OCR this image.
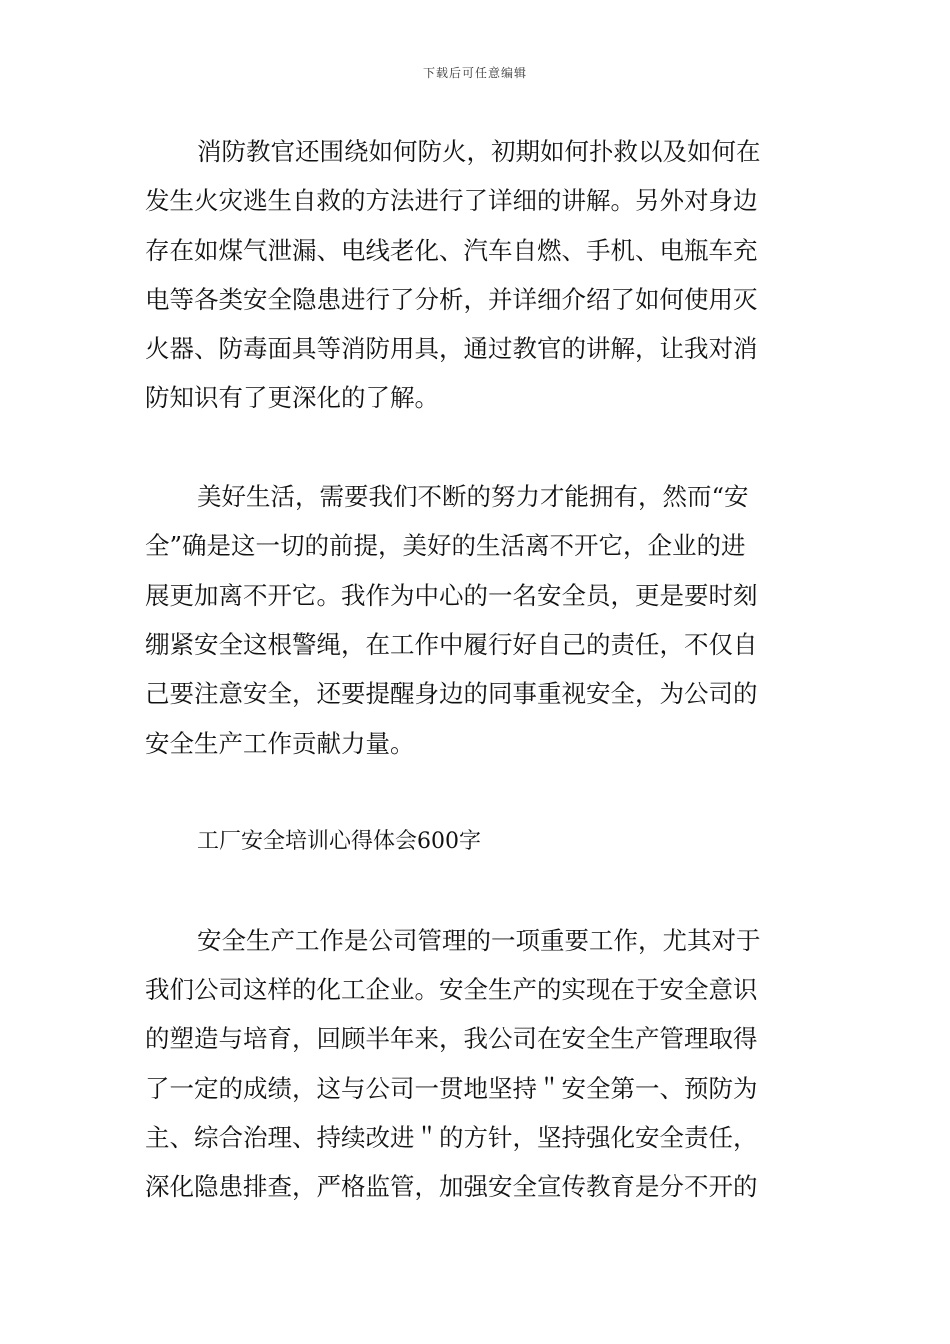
下载后可任意编辑
消防教官还围绕如何防火，初期如何扑救以及如何在
发生火灾逃生自救的方法进行了详细的讲解。另外对身边
存在如煤气泄漏、电线老化、汽车自燃、手机、电瓶车充
电等各类安全隐患进行了分析，并详细介绍了如何使用灭
火器、防毒面具等消防用具，通过教官的讲解，让我对消
防知识有了更深化的了解。
美好生活，需要我们不断的努力才能拥有，然而“安
全”确是这一切的前提，美好的生活离不开它，企业的进
展更加离不开它。我作为中心的一名安全员，更是要时刻
绷紧安全这根警绳，在工作中履行好自己的责任，不仅自
己要注意安全，还要提醒身边的同事重视安全，为公司的
安全生产工作贡献力量。
工厂安全培训心得体会600字
安全生产工作是公司管理的一项重要工作，尤其对于
我们公司这样的化工企业。安全生产的实现在于安全意识
的塑造与培育，回顾半年来，我公司在安全生产管理取得
了一定的成绩，这与公司一贯地坚持＂安全第一、预防为
主、综合治理、持续改进＂的方针，坚持强化安全责任，
深化隐患排查，严格监管，加强安全宣传教育是分不开的
